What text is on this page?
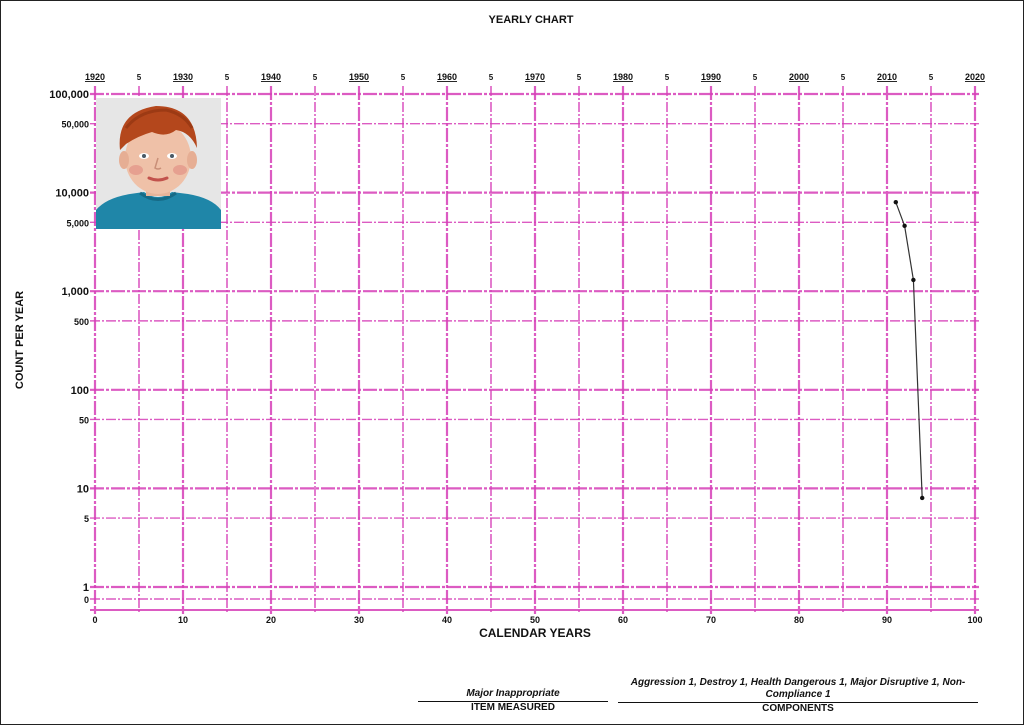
YEARLY CHART
CALENDAR YEARS
COUNT PER YEAR
1920	5	1930	5	1940	5	1950	5	1960	5	1970	5	1980	5	1990	5	2000	5	2010	5	2020
100,000
50,000
10,000
5,000
1,000
500
100
50
10
5
1
0
0	10	20	30	40	50	60	70	80	90	100
Major Inappropriate
ITEM MEASURED
Aggression 1, Destroy 1, Health Dangerous 1, Major Disruptive 1, Non-Compliance 1
COMPONENTS
